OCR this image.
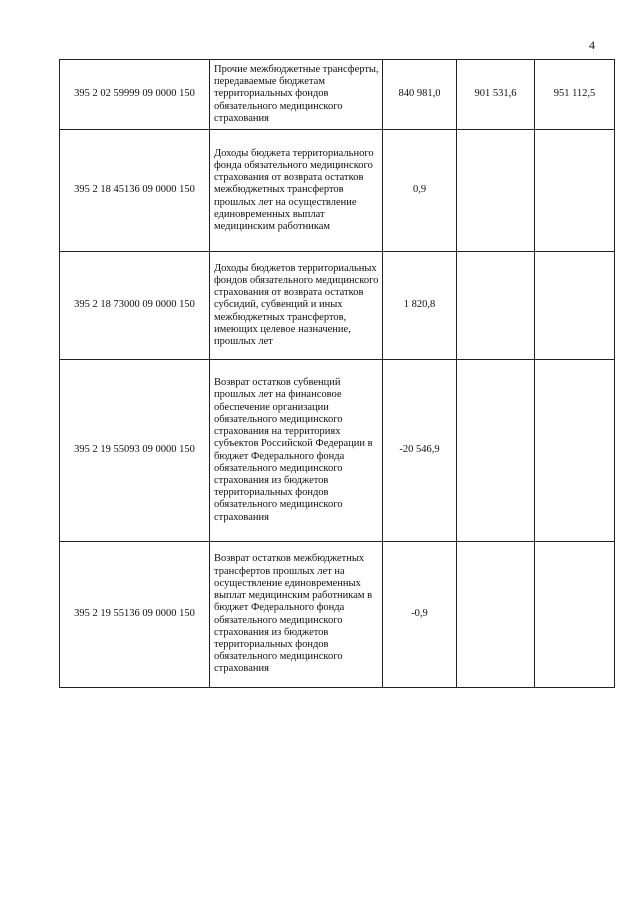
4
395 2 02 59999 09 0000 150	Прочие межбюджетные трансферты, передаваемые бюджетам территориальных фондов обязательного медицинского страхования	840 981,0	901 531,6	951 112,5
395 2 18 45136 09 0000 150	Доходы бюджета территориального фонда обязательного медицинского страхования от возврата остатков межбюджетных трансфертов прошлых лет на осуществление единовременных выплат медицинским работникам	0,9		
395 2 18 73000 09 0000 150	Доходы бюджетов территориальных фондов обязательного медицинского страхования от возврата остатков субсидий, субвенций и иных межбюджетных трансфертов, имеющих целевое назначение, прошлых лет	1 820,8		
395 2 19 55093 09 0000 150	Возврат остатков субвенций прошлых лет на финансовое обеспечение организации обязательного медицинского страхования на территориях субъектов Российской Федерации в бюджет Федерального фонда обязательного медицинского страхования из бюджетов территориальных фондов обязательного медицинского страхования	-20 546,9		
395 2 19 55136 09 0000 150	Возврат остатков межбюджетных трансфертов прошлых лет на осуществление единовременных выплат медицинским работникам в бюджет Федерального фонда обязательного медицинского страхования из бюджетов территориальных фондов обязательного медицинского страхования	-0,9		
